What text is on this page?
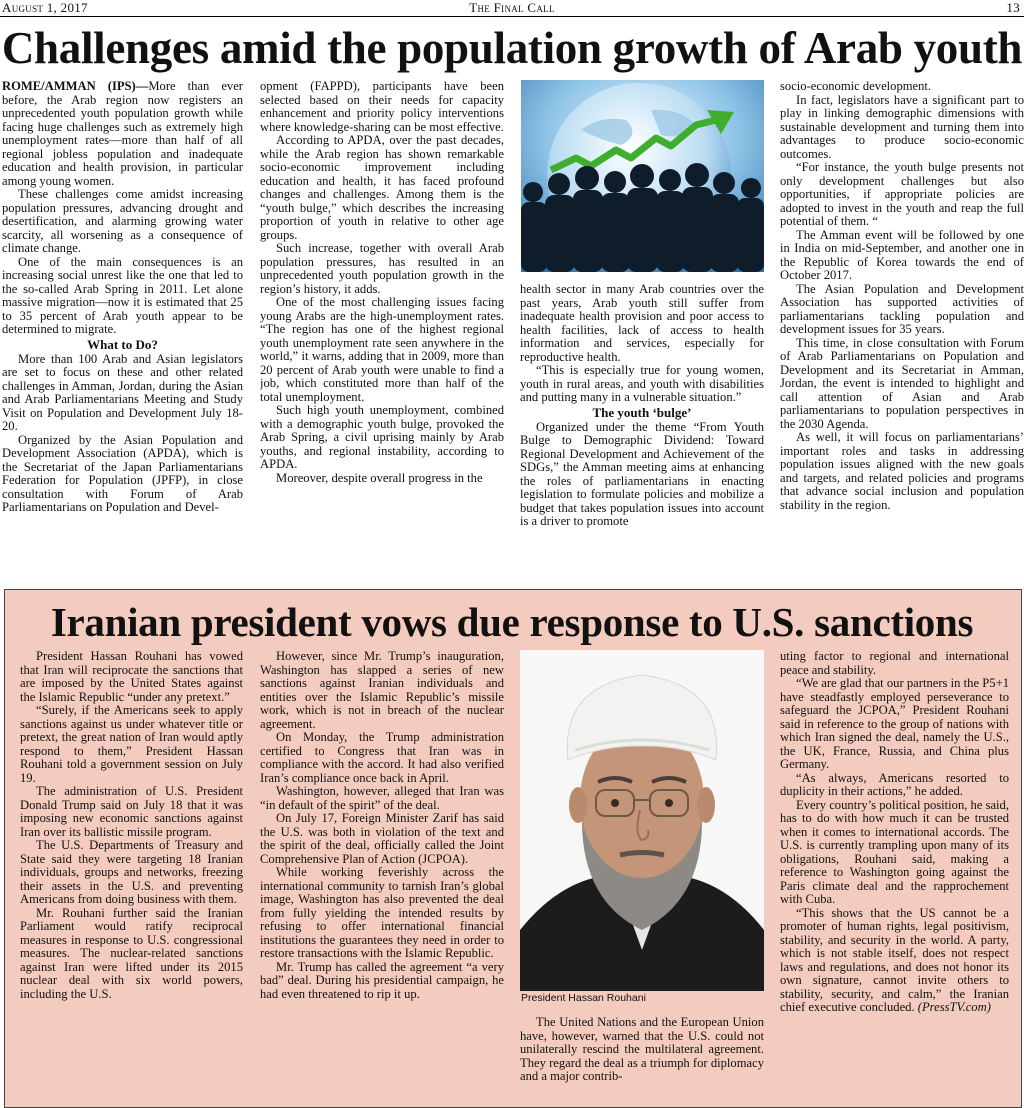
August 1, 2017	The Final Call	13
Challenges amid the population growth of Arab youth

ROME/AMMAN (IPS)—More than ever before, the Arab region now registers an unprecedented youth population growth while facing huge challenges such as extremely high unemployment rates—more than half of all regional jobless population and inadequate education and health provision, in particular among young women.

These challenges come amidst increasing population pressures, advancing drought and desertification, and alarming growing water scarcity, all worsening as a consequence of climate change.

One of the main consequences is an increasing social unrest like the one that led to the so-called Arab Spring in 2011. Let alone massive migration—now it is estimated that 25 to 35 percent of Arab youth appear to be determined to migrate.

What to Do?

More than 100 Arab and Asian legislators are set to focus on these and other related challenges in Amman, Jordan, during the Asian and Arab Parliamentarians Meeting and Study Visit on Population and Development July 18-20.

Organized by the Asian Population and Development Association (APDA), which is the Secretariat of the Japan Parliamentarians Federation for Population (JPFP), in close consultation with Forum of Arab Parliamentarians on Population and Devel-

opment (FAPPD), participants have been selected based on their needs for capacity enhancement and priority policy interventions where knowledge-sharing can be most effective.

According to APDA, over the past decades, while the Arab region has shown remarkable socio-economic improvement including education and health, it has faced profound changes and challenges. Among them is the “youth bulge,” which describes the increasing proportion of youth in relative to other age groups.

Such increase, together with overall Arab population pressures, has resulted in an unprecedented youth population growth in the region’s history, it adds.

One of the most challenging issues facing young Arabs are the high-unemployment rates. “The region has one of the highest regional youth unemployment rate seen anywhere in the world,” it warns, adding that in 2009, more than 20 percent of Arab youth were unable to find a job, which constituted more than half of the total unemployment.

Such high youth unemployment, combined with a demographic youth bulge, provoked the Arab Spring, a civil uprising mainly by Arab youths, and regional instability, according to APDA.

Moreover, despite overall progress in the

health sector in many Arab countries over the past years, Arab youth still suffer from inadequate health provision and poor access to health facilities, lack of access to health information and services, especially for reproductive health.

“This is especially true for young women, youth in rural areas, and youth with disabilities and putting many in a vulnerable situation.”

The youth ‘bulge’

Organized under the theme “From Youth Bulge to Demographic Dividend: Toward Regional Development and Achievement of the SDGs,” the Amman meeting aims at enhancing the roles of parliamentarians in enacting legislation to formulate policies and mobilize a budget that takes population issues into account is a driver to promote

socio-economic development.

In fact, legislators have a significant part to play in linking demographic dimensions with sustainable development and turning them into advantages to produce socio-economic outcomes.

“For instance, the youth bulge presents not only development challenges but also opportunities, if appropriate policies are adopted to invest in the youth and reap the full potential of them. “

The Amman event will be followed by one in India on mid-September, and another one in the Republic of Korea towards the end of October 2017.

The Asian Population and Development Association has supported activities of parliamentarians tackling population and development issues for 35 years.

This time, in close consultation with Forum of Arab Parliamentarians on Population and Development and its Secretariat in Amman, Jordan, the event is intended to highlight and call attention of Asian and Arab parliamentarians to population perspectives in the 2030 Agenda.

As well, it will focus on parliamentarians’ important roles and tasks in addressing population issues aligned with the new goals and targets, and related policies and programs that advance social inclusion and population stability in the region.

Iranian president vows due response to U.S. sanctions

President Hassan Rouhani has vowed that Iran will reciprocate the sanctions that are imposed by the United States against the Islamic Republic “under any pretext.”

“Surely, if the Americans seek to apply sanctions against us under whatever title or pretext, the great nation of Iran would aptly respond to them,” President Hassan Rouhani told a government session on July 19.

The administration of U.S. President Donald Trump said on July 18 that it was imposing new economic sanctions against Iran over its ballistic missile program.

The U.S. Departments of Treasury and State said they were targeting 18 Iranian individuals, groups and networks, freezing their assets in the U.S. and preventing Americans from doing business with them.

Mr. Rouhani further said the Iranian Parliament would ratify reciprocal measures in response to U.S. congressional measures. The nuclear-related sanctions against Iran were lifted under its 2015 nuclear deal with six world powers, including the U.S.

However, since Mr. Trump’s inauguration, Washington has slapped a series of new sanctions against Iranian individuals and entities over the Islamic Republic’s missile work, which is not in breach of the nuclear agreement.

On Monday, the Trump administration certified to Congress that Iran was in compliance with the accord. It had also verified Iran’s compliance once back in April.

Washington, however, alleged that Iran was “in default of the spirit” of the deal.

On July 17, Foreign Minister Zarif has said the U.S. was both in violation of the text and the spirit of the deal, officially called the Joint Comprehensive Plan of Action (JCPOA).

While working feverishly across the international community to tarnish Iran’s global image, Washington has also prevented the deal from fully yielding the intended results by refusing to offer international financial institutions the guarantees they need in order to restore transactions with the Islamic Republic.

Mr. Trump has called the agreement “a very bad” deal. During his presidential campaign, he had even threatened to rip it up.	President Hassan Rouhani

The United Nations and the European Union have, however, warned that the U.S. could not unilaterally rescind the multilateral agreement. They regard the deal as a triumph for diplomacy and a major contrib-

uting factor to regional and international peace and stability.

“We are glad that our partners in the P5+1 have steadfastly employed perseverance to safeguard the JCPOA,” President Rouhani said in reference to the group of nations with which Iran signed the deal, namely the U.S., the UK, France, Russia, and China plus Germany.

“As always, Americans resorted to duplicity in their actions,” he added.

Every country’s political position, he said, has to do with how much it can be trusted when it comes to international accords. The U.S. is currently trampling upon many of its obligations, Rouhani said, making a reference to Washington going against the Paris climate deal and the rapprochement with Cuba.

“This shows that the US cannot be a promoter of human rights, legal positivism, stability, and security in the world. A party, which is not stable itself, does not respect laws and regulations, and does not honor its own signature, cannot invite others to stability, security, and calm,” the Iranian chief executive concluded. (PressTV.com)
